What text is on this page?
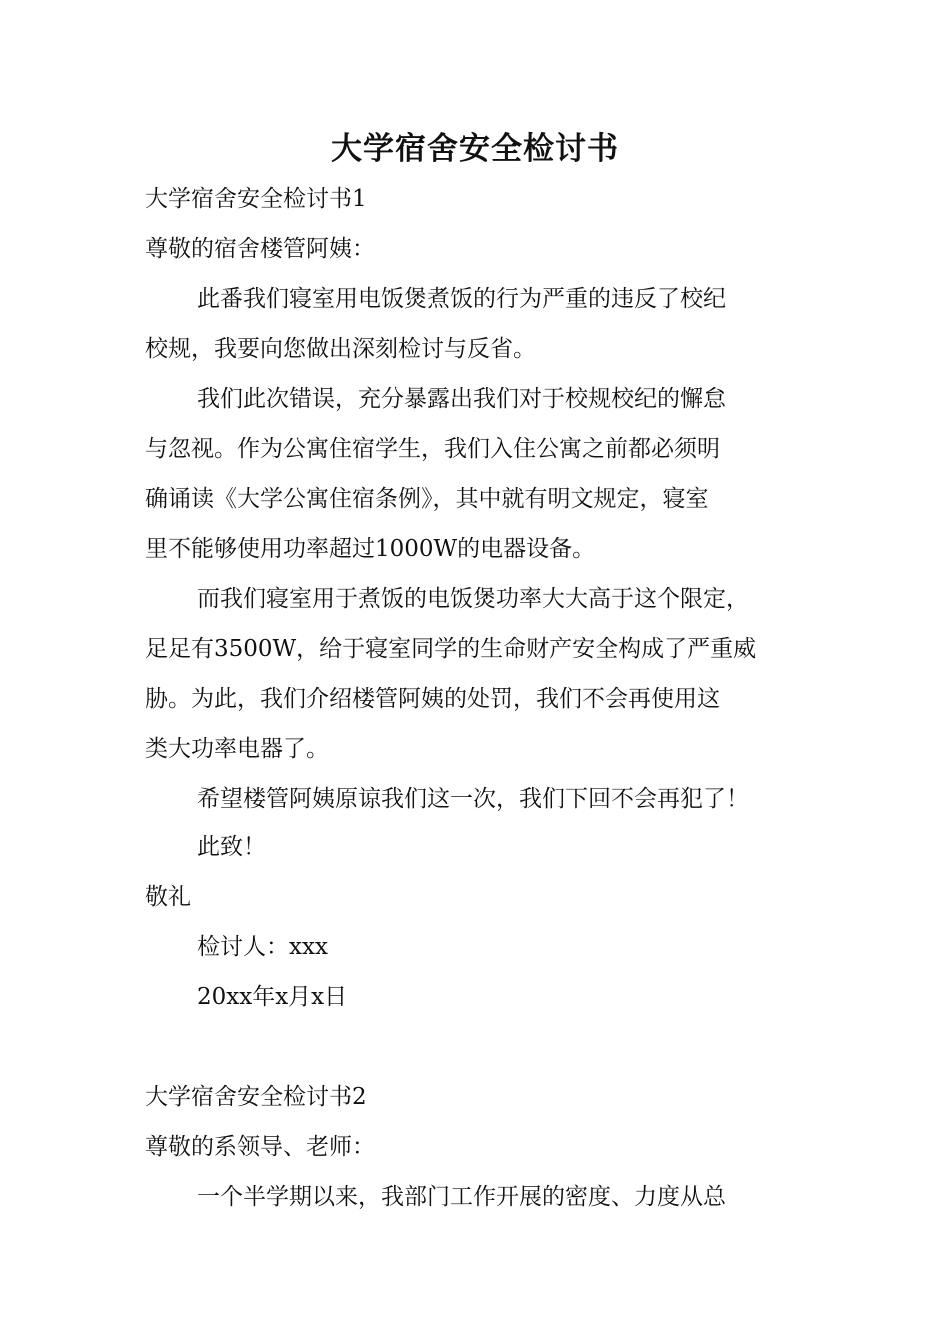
大学宿舍安全检讨书
大学宿舍安全检讨书1
尊敬的宿舍楼管阿姨：
此番我们寝室用电饭煲煮饭的行为严重的违反了校纪
校规，我要向您做出深刻检讨与反省。
我们此次错误，充分暴露出我们对于校规校纪的懈怠
与忽视。作为公寓住宿学生，我们入住公寓之前都必须明
确诵读《大学公寓住宿条例》，其中就有明文规定，寝室
里不能够使用功率超过1000W的电器设备。
而我们寝室用于煮饭的电饭煲功率大大高于这个限定，
足足有3500W，给于寝室同学的生命财产安全构成了严重威
胁。为此，我们介绍楼管阿姨的处罚，我们不会再使用这
类大功率电器了。
希望楼管阿姨原谅我们这一次，我们下回不会再犯了！
此致！
敬礼
检讨人：xxx
20xx年x月x日
大学宿舍安全检讨书2
尊敬的系领导、老师：
一个半学期以来，我部门工作开展的密度、力度从总
